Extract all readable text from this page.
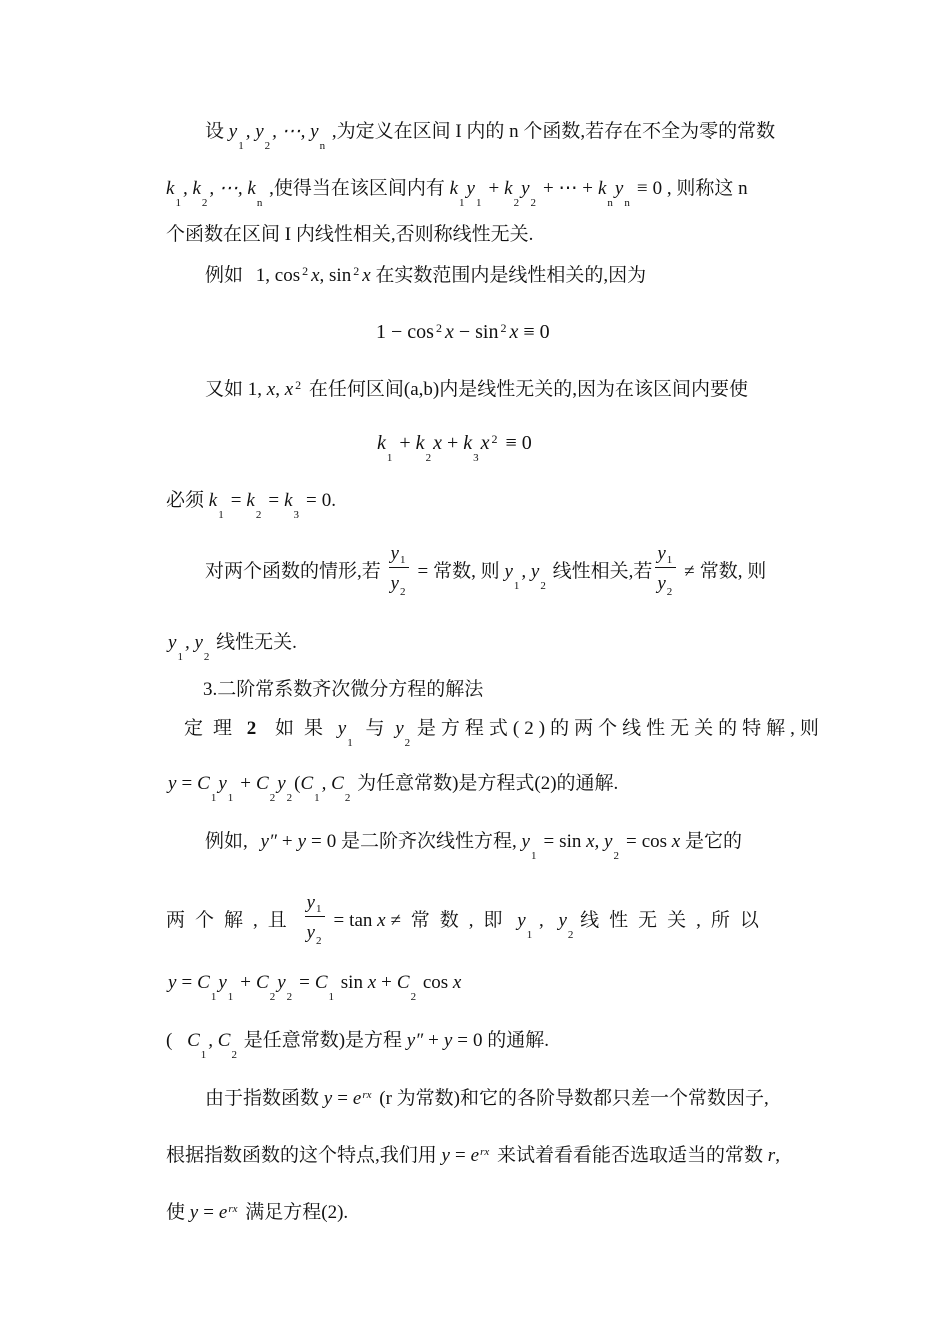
设 $y_1$, $y_2$, ⋯, $y_n$ ,为定义在区间 I 内的 n 个函数,若存在不全为零的常数
$k_1$, $k_2$, ⋯, $k_n$ ,使得当在该区间内有 $k_1y_1+ k_2y_2+$ ⋯ + $k_ny_n\equiv 0$ , 则称这 n
个函数在区间 I 内线性相关,否则称线性无关.
例如 1, cos $^2$ x, sin $^2$ x 在实数范围内是线性相关的,因为
1 − cos $^2$ x − sin $^2$ x ≡ 0
又如 1, x, x $^2$ 在任何区间(a,b)内是线性无关的,因为在该区间内要使
$k_1+ k_2x + k_3x$ $^2$ ≡ 0
必须 $k_1= k_2= k_3= 0$.
对两个函数的情形,若 $\frac{y_1}{y_2}$ = 常数, 则 $y_1$, $y_2$ 线性相关,若 $\frac{y_1}{y_2}$ ≠ 常数, 则
$y_1$, $y_2$ 线性无关.
3.二阶常系数齐次微分方程的解法
定理 2 如果 $y_1$ 与 $y_2$ 是方程式(2)的两个线性无关的特解,则
$y = C_1y_1+ C_2y_2(C_1$, $C_2$ 为任意常数)是方程式(2)的通解.
例如, y″ + y = 0 是二阶齐次线性方程, $y_1= \sin x$, $y_2= \cos x$ 是它的
两个解,且 $\frac{y_1}{y_2} = \tan x$ ≠ 常数,即 $y_1$ , $y_2$ 线性无关,所以
$y = C_1y_1+ C_2y_2= C_1$ $\sin x + C_2$ cos x
( $C_1$, $C_2$ 是任意常数)是方程 y″ + y = 0 的通解.
由于指数函数 $y = e^{rx}$ (r 为常数)和它的各阶导数都只差一个常数因子,
根据指数函数的这个特点,我们用 $y = e^{rx}$ 来试着看看能否选取适当的常数 r,
使 $y = e^{rx}$ 满足方程(2).
